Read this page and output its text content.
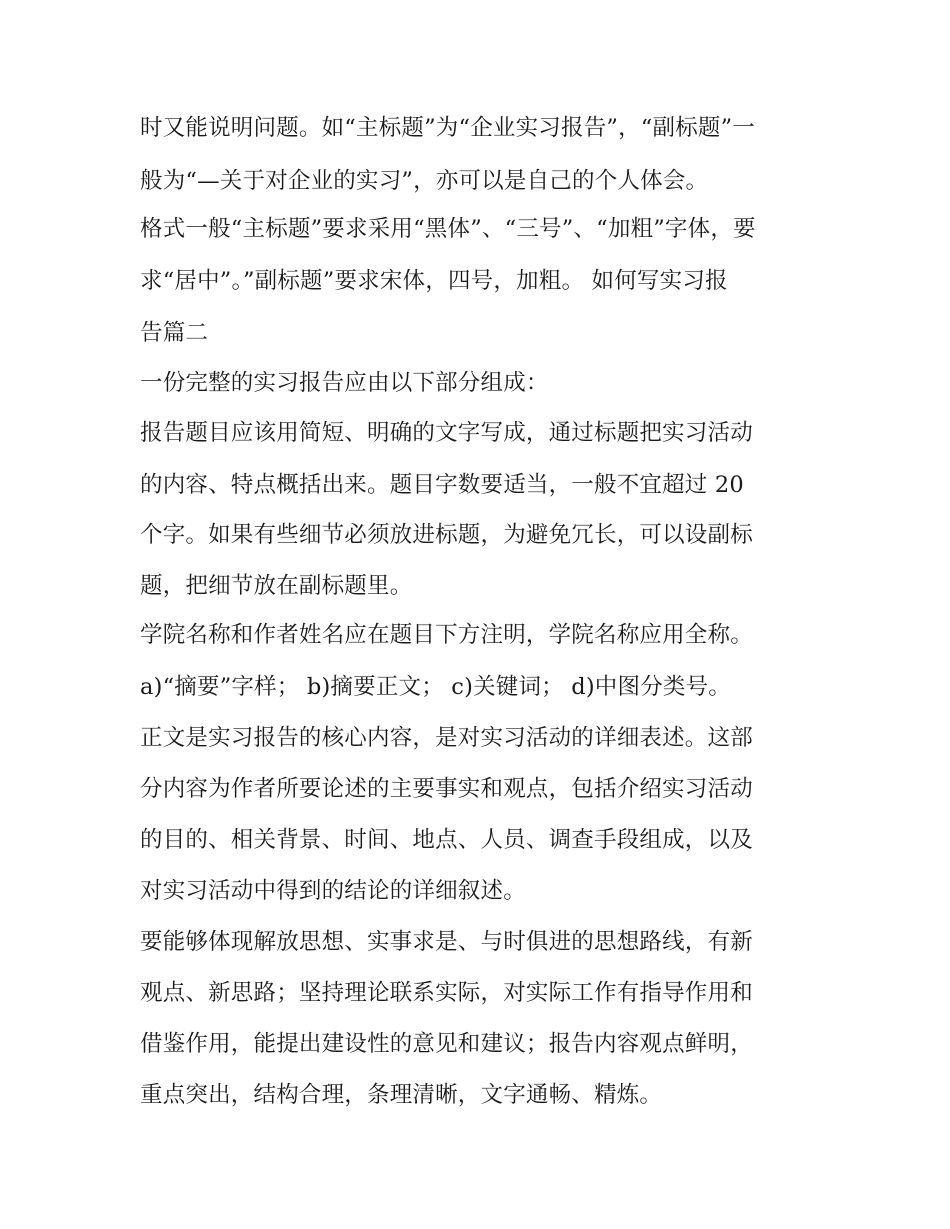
时又能说明问题。如“主标题”为“企业实习报告”，“副标题”一

般为“—关于对企业的实习”，亦可以是自己的个人体会。

格式一般“主标题”要求采用“黑体”、“三号”、“加粗”字体，要

求“居中”。”副标题”要求宋体，四号，加粗。 如何写实习报

告篇二

一份完整的实习报告应由以下部分组成：

报告题目应该用简短、明确的文字写成，通过标题把实习活动

的内容、特点概括出来。题目字数要适当，一般不宜超过 20

个字。如果有些细节必须放进标题，为避免冗长，可以设副标

题，把细节放在副标题里。

学院名称和作者姓名应在题目下方注明，学院名称应用全称。

a)“摘要”字样； b)摘要正文； c)关键词； d)中图分类号。

正文是实习报告的核心内容，是对实习活动的详细表述。这部

分内容为作者所要论述的主要事实和观点，包括介绍实习活动

的目的、相关背景、时间、地点、人员、调查手段组成，以及

对实习活动中得到的结论的详细叙述。

要能够体现解放思想、实事求是、与时俱进的思想路线，有新

观点、新思路；坚持理论联系实际，对实际工作有指导作用和

借鉴作用，能提出建设性的意见和建议；报告内容观点鲜明，

重点突出，结构合理，条理清晰，文字通畅、精炼。
